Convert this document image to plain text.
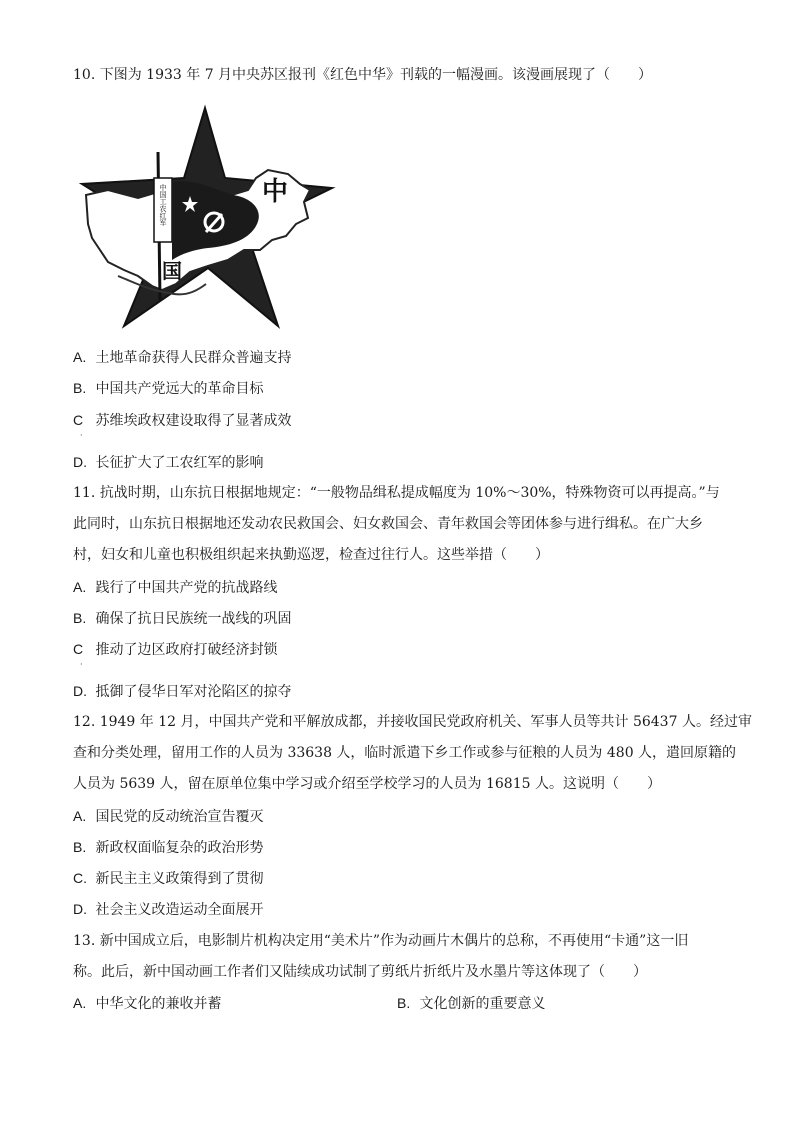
10. 下图为 1933 年 7 月中央苏区报刊《红色中华》刊载的一幅漫画。该漫画展现了（　　）
中国工农红军	中
国
A. 土地革命获得人民群众普遍支持
B. 中国共产党远大的革命目标
C 苏维埃政权建设取得了显著成效
·
D. 长征扩大了工农红军的影响
11. 抗战时期，山东抗日根据地规定：“一般物品缉私提成幅度为 10%～30%，特殊物资可以再提高。”与
此同时，山东抗日根据地还发动农民救国会、妇女救国会、青年救国会等团体参与进行缉私。在广大乡
村，妇女和儿童也积极组织起来执勤巡逻，检查过往行人。这些举措（　　）
A. 践行了中国共产党的抗战路线
B. 确保了抗日民族统一战线的巩固
C 推动了边区政府打破经济封锁
·
D. 抵御了侵华日军对沦陷区的掠夺
12. 1949 年 12 月，中国共产党和平解放成都，并接收国民党政府机关、军事人员等共计 56437 人。经过审
查和分类处理，留用工作的人员为 33638 人，临时派遣下乡工作或参与征粮的人员为 480 人，遣回原籍的
人员为 5639 人，留在原单位集中学习或介绍至学校学习的人员为 16815 人。这说明（　　）
A. 国民党的反动统治宣告覆灭
B. 新政权面临复杂的政治形势
C. 新民主主义政策得到了贯彻
D. 社会主义改造运动全面展开
13. 新中国成立后，电影制片机构决定用“美术片”作为动画片木偶片的总称，不再使用“卡通”这一旧
称。此后，新中国动画工作者们又陆续成功试制了剪纸片折纸片及水墨片等这体现了（　　）
A. 中华文化的兼收并蓄	B. 文化创新的重要意义
